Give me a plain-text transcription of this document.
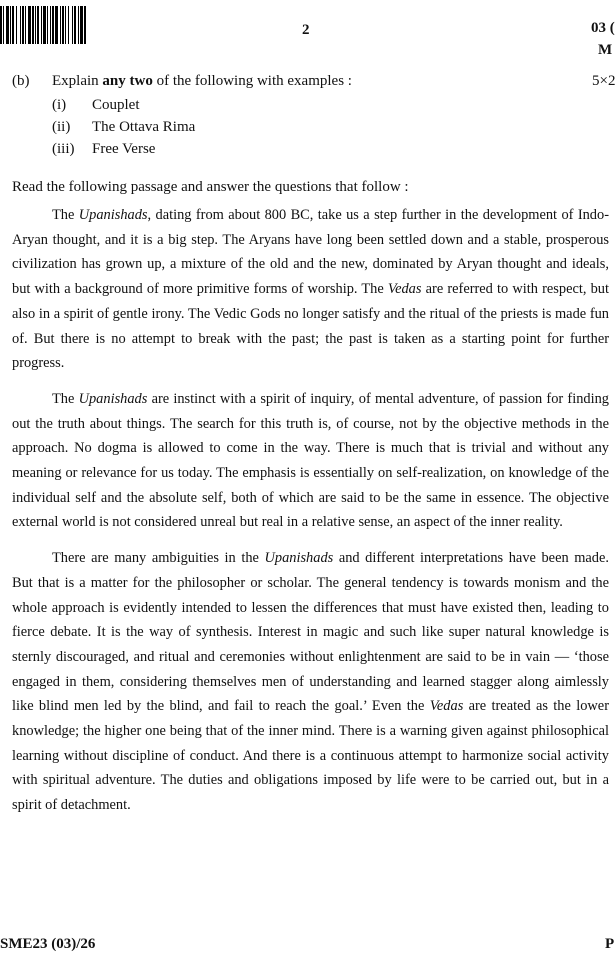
2	03 (
M
(b) Explain any two of the following with examples :	5×2
(i) Couplet
(ii) The Ottava Rima
(iii) Free Verse
Read the following passage and answer the questions that follow :

The Upanishads, dating from about 800 BC, take us a step further in the development of Indo-Aryan thought, and it is a big step. The Aryans have long been settled down and a stable, prosperous civilization has grown up, a mixture of the old and the new, dominated by Aryan thought and ideals, but with a background of more primitive forms of worship. The Vedas are referred to with respect, but also in a spirit of gentle irony. The Vedic Gods no longer satisfy and the ritual of the priests is made fun of. But there is no attempt to break with the past; the past is taken as a starting point for further progress.

The Upanishads are instinct with a spirit of inquiry, of mental adventure, of passion for finding out the truth about things. The search for this truth is, of course, not by the objective methods in the approach. No dogma is allowed to come in the way. There is much that is trivial and without any meaning or relevance for us today. The emphasis is essentially on self-realization, on knowledge of the individual self and the absolute self, both of which are said to be the same in essence. The objective external world is not considered unreal but real in a relative sense, an aspect of the inner reality.

There are many ambiguities in the Upanishads and different interpretations have been made. But that is a matter for the philosopher or scholar. The general tendency is towards monism and the whole approach is evidently intended to lessen the differences that must have existed then, leading to fierce debate. It is the way of synthesis. Interest in magic and such like super natural knowledge is sternly discouraged, and ritual and ceremonies without enlightenment are said to be in vain — ‘those engaged in them, considering themselves men of understanding and learned stagger along aimlessly like blind men led by the blind, and fail to reach the goal.’ Even the Vedas are treated as the lower knowledge; the higher one being that of the inner mind. There is a warning given against philosophical learning without discipline of conduct. And there is a continuous attempt to harmonize social activity with spiritual adventure. The duties and obligations imposed by life were to be carried out, but in a spirit of detachment.

SME23 (03)/26	P
